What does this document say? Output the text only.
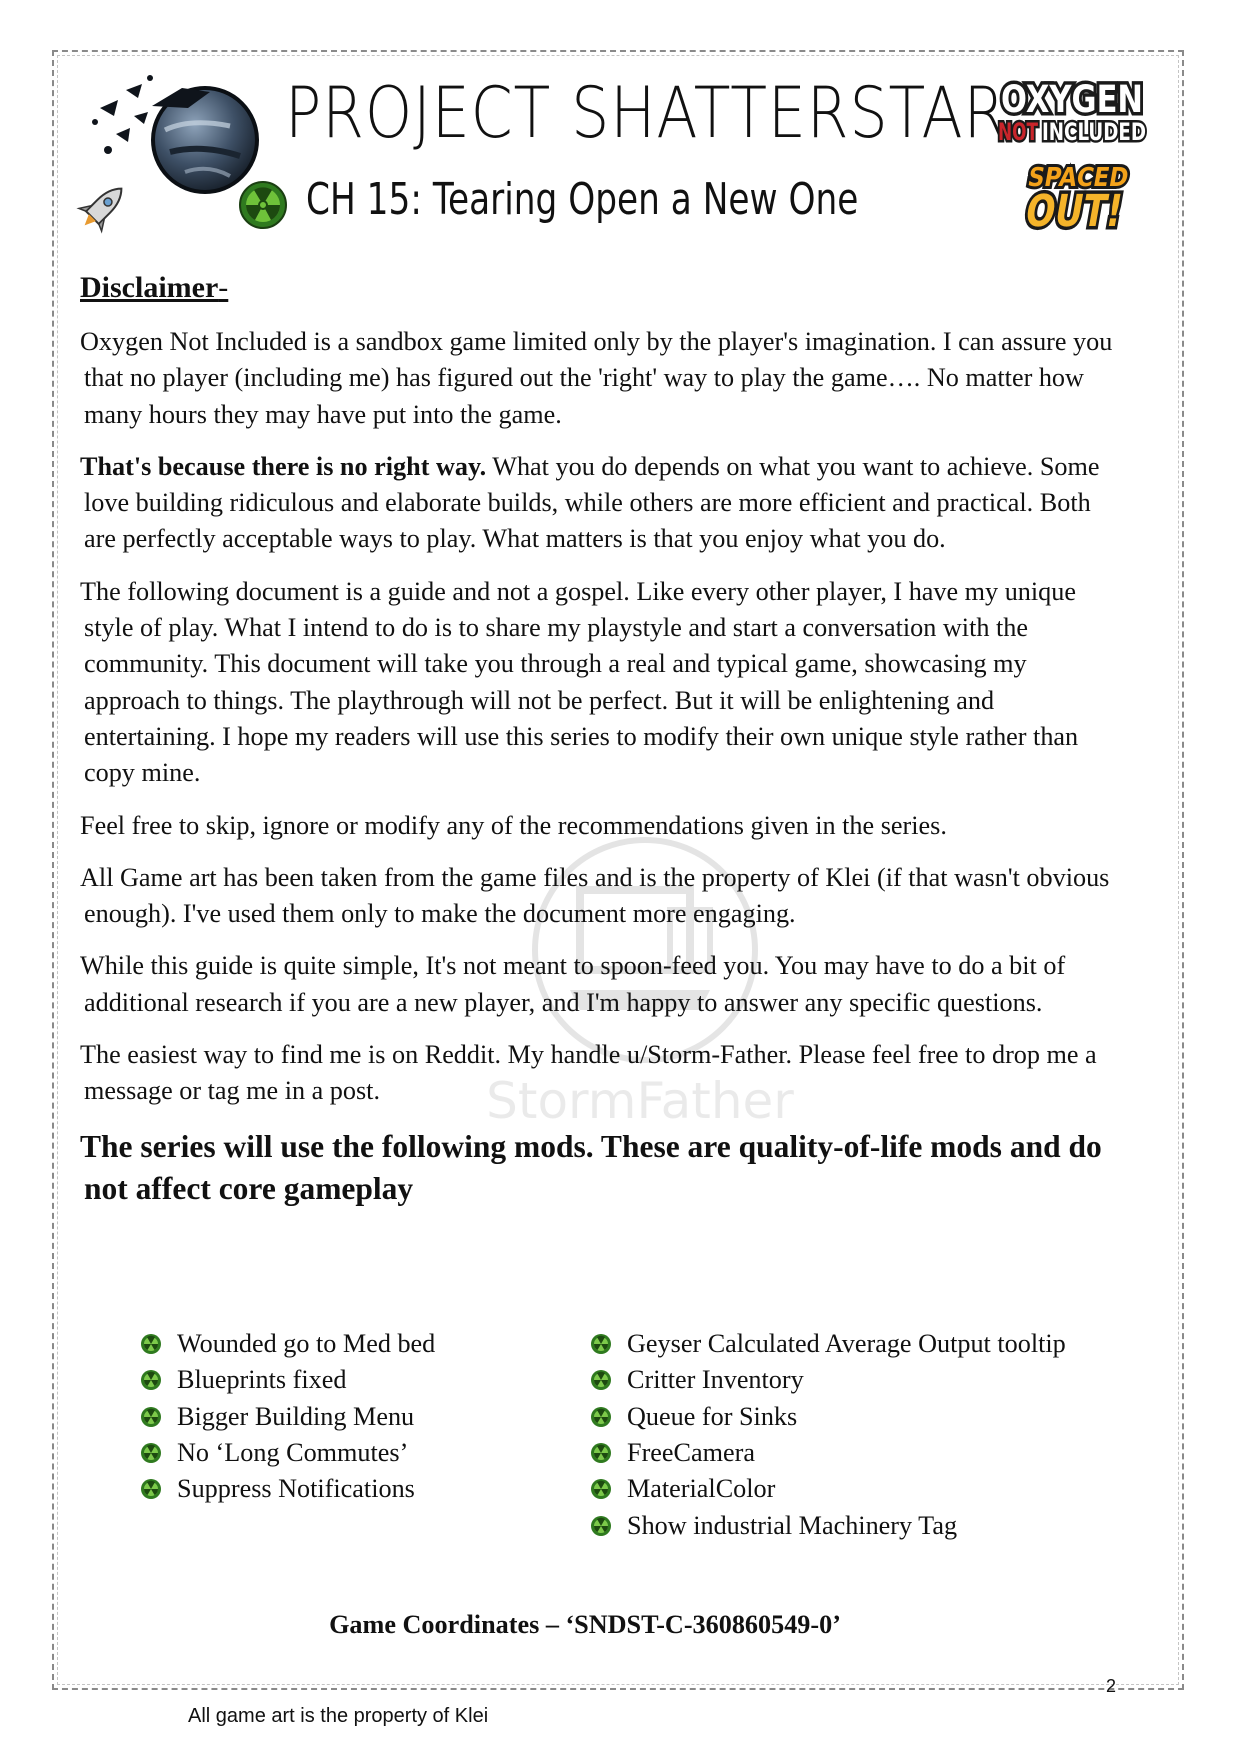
PROJECT SHATTERSTAR
CH 15: Tearing Open a New One
OXYGEN
NOT INCLUDED
SPACED
OUT!
StormFather
Disclaimer-

Oxygen Not Included is a sandbox game limited only by the player's imagination. I can assure you that no player (including me) has figured out the 'right' way to play the game…. No matter how many hours they may have put into the game.

That's because there is no right way. What you do depends on what you want to achieve. Some love building ridiculous and elaborate builds, while others are more efficient and practical. Both are perfectly acceptable ways to play. What matters is that you enjoy what you do.

The following document is a guide and not a gospel. Like every other player, I have my unique style of play. What I intend to do is to share my playstyle and start a conversation with the community. This document will take you through a real and typical game, showcasing my approach to things. The playthrough will not be perfect. But it will be enlightening and entertaining. I hope my readers will use this series to modify their own unique style rather than copy mine.

Feel free to skip, ignore or modify any of the recommendations given in the series.

All Game art has been taken from the game files and is the property of Klei (if that wasn't obvious enough). I've used them only to make the document more engaging.

While this guide is quite simple, It's not meant to spoon-feed you. You may have to do a bit of additional research if you are a new player, and I'm happy to answer any specific questions.

The easiest way to find me is on Reddit. My handle u/Storm-Father. Please feel free to drop me a message or tag me in a post.

The series will use the following mods. These are quality-of-life mods and do not affect core gameplay
Wounded go to Med bed
Blueprints fixed
Bigger Building Menu
No ‘Long Commutes’
Suppress Notifications
Geyser Calculated Average Output tooltip
Critter Inventory
Queue for Sinks
FreeCamera
MaterialColor
Show industrial Machinery Tag
Game Coordinates – ‘SNDST-C-360860549-0’
2
All game art is the property of Klei
